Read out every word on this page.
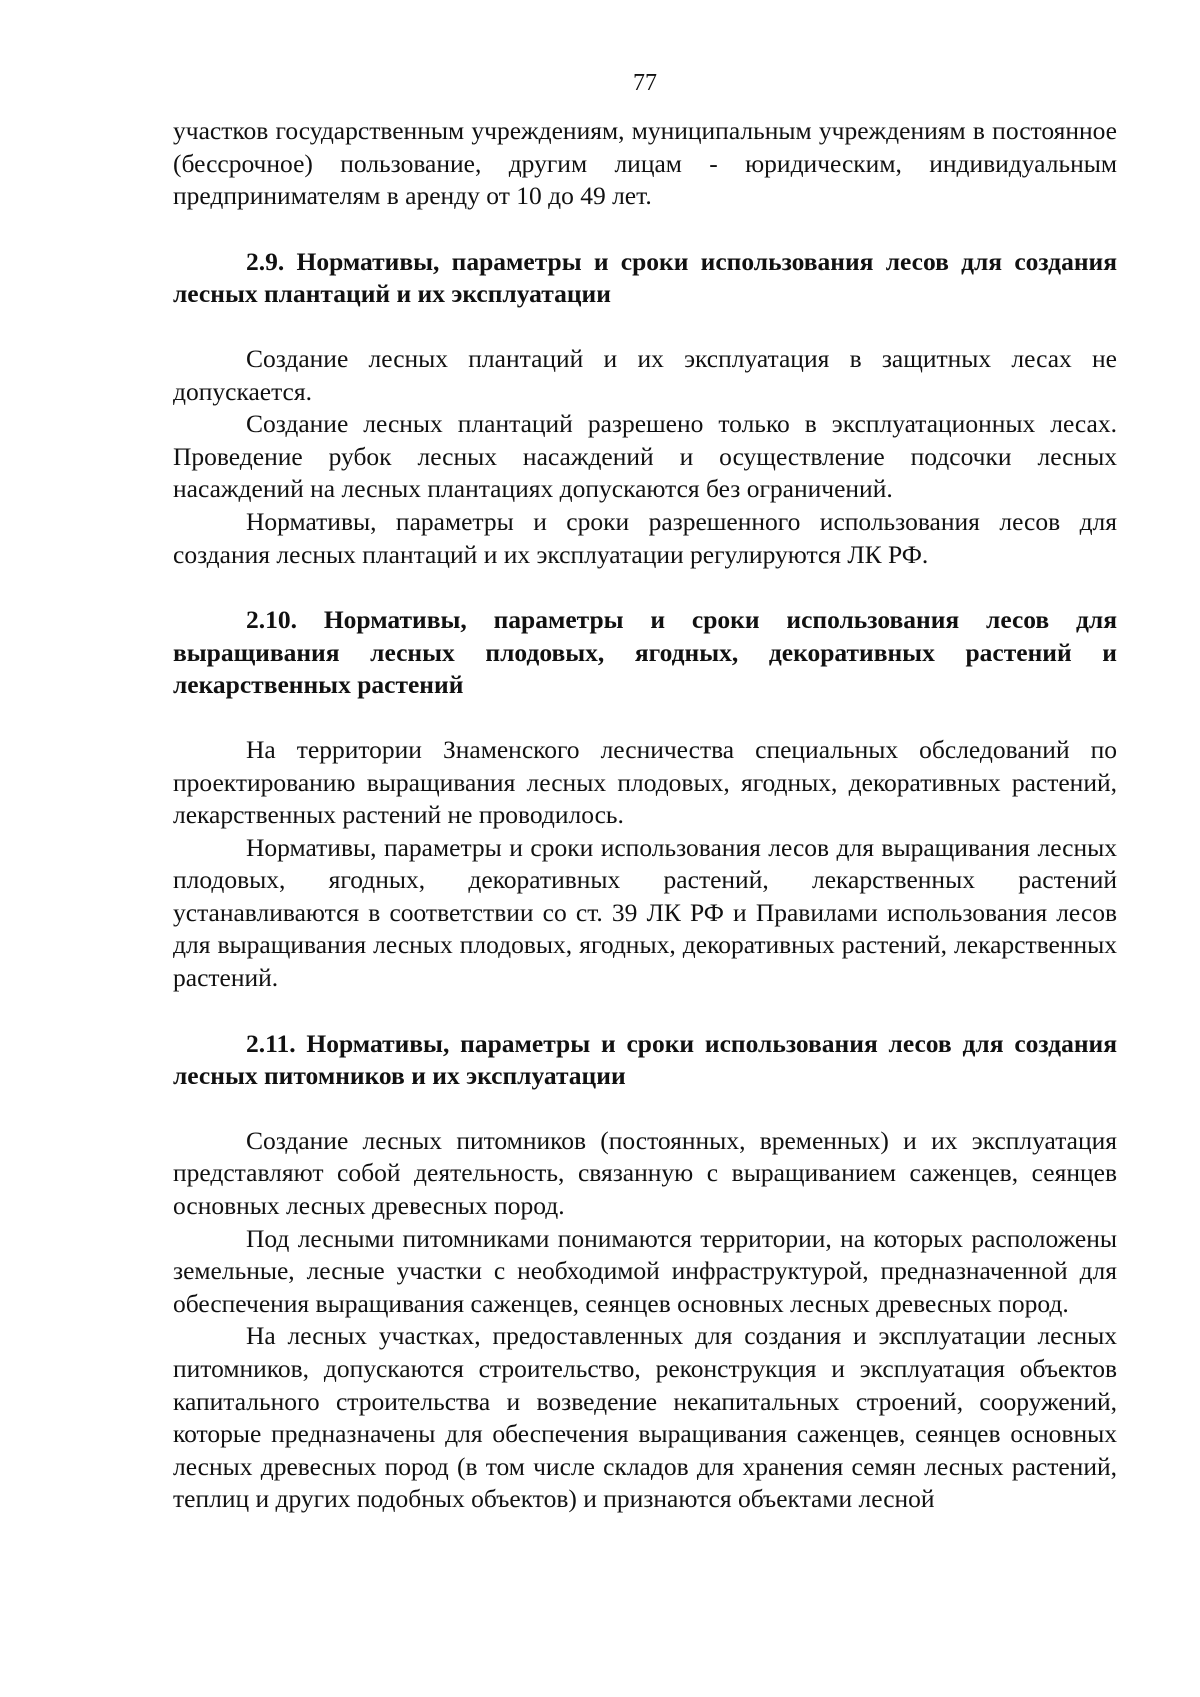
77

участков государственным учреждениям, муниципальным учреждениям в постоянное (бессрочное) пользование, другим лицам - юридическим, индивидуальным предпринимателям в аренду от 10 до 49 лет.

2.9. Нормативы, параметры и сроки использования лесов для создания лесных плантаций и их эксплуатации

Создание лесных плантаций и их эксплуатация в защитных лесах не допускается.

Создание лесных плантаций разрешено только в эксплуатационных лесах. Проведение рубок лесных насаждений и осуществление подсочки лесных насаждений на лесных плантациях допускаются без ограничений.

Нормативы, параметры и сроки разрешенного использования лесов для создания лесных плантаций и их эксплуатации регулируются ЛК РФ.

2.10. Нормативы, параметры и сроки использования лесов для выращивания лесных плодовых, ягодных, декоративных растений и лекарственных растений

На территории Знаменского лесничества специальных обследований по проектированию выращивания лесных плодовых, ягодных, декоративных растений, лекарственных растений не проводилось.

Нормативы, параметры и сроки использования лесов для выращивания лесных плодовых, ягодных, декоративных растений, лекарственных растений устанавливаются в соответствии со ст. 39 ЛК РФ и Правилами использования лесов для выращивания лесных плодовых, ягодных, декоративных растений, лекарственных растений.

2.11. Нормативы, параметры и сроки использования лесов для создания лесных питомников и их эксплуатации

Создание лесных питомников (постоянных, временных) и их эксплуатация представляют собой деятельность, связанную с выращиванием саженцев, сеянцев основных лесных древесных пород.

Под лесными питомниками понимаются территории, на которых расположены земельные, лесные участки с необходимой инфраструктурой, предназначенной для обеспечения выращивания саженцев, сеянцев основных лесных древесных пород.

На лесных участках, предоставленных для создания и эксплуатации лесных питомников, допускаются строительство, реконструкция и эксплуатация объектов капитального строительства и возведение некапитальных строений, сооружений, которые предназначены для обеспечения выращивания саженцев, сеянцев основных лесных древесных пород (в том числе складов для хранения семян лесных растений, теплиц и других подобных объектов) и признаются объектами лесной
